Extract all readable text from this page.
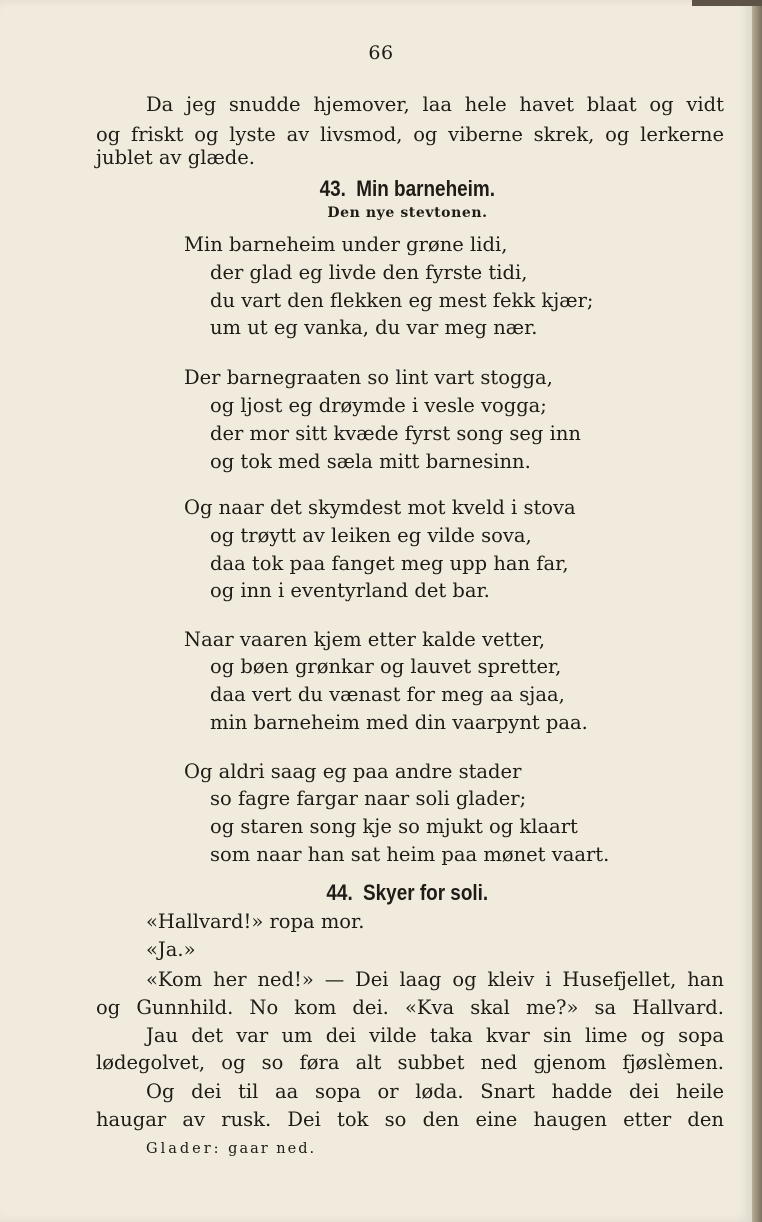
66
Da jeg snudde hjemover, laa hele havet blaat og vidt
og friskt og lyste av livsmod, og viberne skrek, og lerkerne
jublet av glæde.
43. Min barneheim.
Den nye stevtonen.
Min barneheim under grøne lidi,
der glad eg livde den fyrste tidi,
du vart den flekken eg mest fekk kjær;
um ut eg vanka, du var meg nær.
Der barnegraaten so lint vart stogga,
og ljost eg drøymde i vesle vogga;
der mor sitt kvæde fyrst song seg inn
og tok med sæla mitt barnesinn.
Og naar det skymdest mot kveld i stova
og trøytt av leiken eg vilde sova,
daa tok paa fanget meg upp han far,
og inn i eventyrland det bar.
Naar vaaren kjem etter kalde vetter,
og bøen grønkar og lauvet spretter,
daa vert du vænast for meg aa sjaa,
min barneheim med din vaarpynt paa.
Og aldri saag eg paa andre stader
so fagre fargar naar soli glader;
og staren song kje so mjukt og klaart
som naar han sat heim paa mønet vaart.
44. Skyer for soli.
«Hallvard!» ropa mor.
«Ja.»
«Kom her ned!» — Dei laag og kleiv i Husefjellet, han
og Gunnhild. No kom dei. «Kva skal me?» sa Hallvard.
Jau det var um dei vilde taka kvar sin lime og sopa
lødegolvet, og so føra alt subbet ned gjenom fjøslèmen.
Og dei til aa sopa or løda. Snart hadde dei heile
haugar av rusk. Dei tok so den eine haugen etter den
Glader: gaar ned.
